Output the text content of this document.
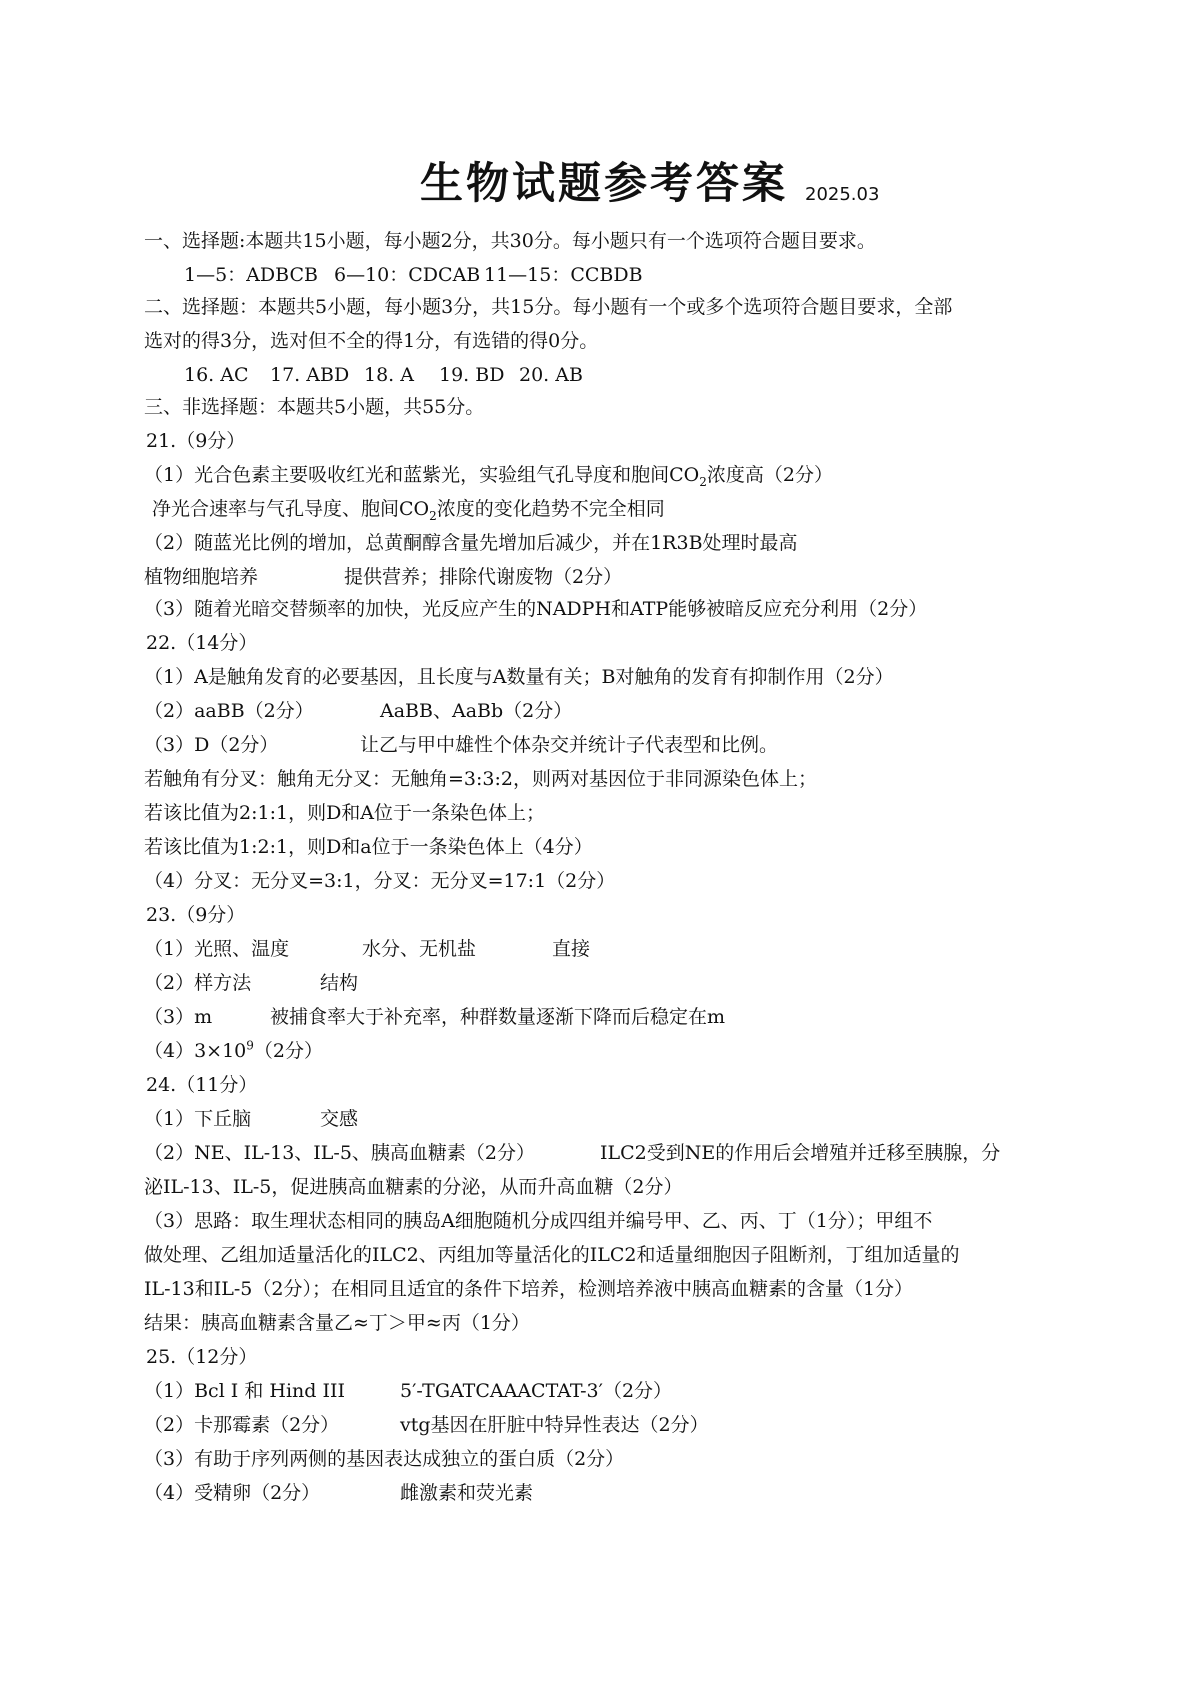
生物试题参考答案 2025.03
一、选择题:本题共15小题，每小题2分，共30分。每小题只有一个选项符合题目要求。
1—5：ADBCB 6—10：CDCAB 11—15：CCBDB
二、选择题：本题共5小题，每小题3分，共15分。每小题有一个或多个选项符合题目要求，全部
选对的得3分，选对但不全的得1分，有选错的得0分。
16. AC 17. ABD 18. A 19. BD 20. AB
三、非选择题：本题共5小题，共55分。
21.（9分）
（1）光合色素主要吸收红光和蓝紫光，实验组气孔导度和胞间$CO_2$浓度高（2分）
净光合速率与气孔导度、胞间$CO_2$浓度的变化趋势不完全相同
（2）随蓝光比例的增加，总黄酮醇含量先增加后减少，并在1R3B处理时最高
植物细胞培养	提供营养；排除代谢废物（2分）
（3）随着光暗交替频率的加快，光反应产生的NADPH和ATP能够被暗反应充分利用（2分）
22.（14分）
（1）A是触角发育的必要基因，且长度与A数量有关；B对触角的发育有抑制作用（2分）
（2）aaBB（2分）	AaBB、AaBb（2分）
（3）D（2分）	让乙与甲中雄性个体杂交并统计子代表型和比例。
若触角有分叉：触角无分叉：无触角=3:3:2，则两对基因位于非同源染色体上；
若该比值为2:1:1，则D和A位于一条染色体上；
若该比值为1:2:1，则D和a位于一条染色体上（4分）
（4）分叉：无分叉=3:1，分叉：无分叉=17:1（2分）
23.（9分）
（1）光照、温度	水分、无机盐	直接
（2）样方法	结构
（3）m	被捕食率大于补充率，种群数量逐渐下降而后稳定在m
$(4)3\times 10^9(2$分）
24.（11分）
（1）下丘脑	交感
（2）NE、IL-13、IL-5、胰高血糖素（2分）	ILC2受到NE的作用后会增殖并迁移至胰腺，分
泌IL-13、IL-5，促进胰高血糖素的分泌，从而升高血糖（2分）
（3）思路：取生理状态相同的胰岛A细胞随机分成四组并编号甲、乙、丙、丁（1分）；甲组不
做处理、乙组加适量活化的ILC2、丙组加等量活化的ILC2和适量细胞因子阻断剂，丁组加适量的
IL-13和IL-5（2分）；在相同且适宜的条件下培养，检测培养液中胰高血糖素的含量（1分）
结果：胰高血糖素含量乙≈丁＞甲≈丙（1分）
25.（12分）
（1）Bcl I 和 Hind III	5′-TGATCAAACTAT-3′（2分）
（2）卡那霉素（2分）	vtg基因在肝脏中特异性表达（2分）
（3）有助于序列两侧的基因表达成独立的蛋白质（2分）
（4）受精卵（2分）	雌激素和荧光素
